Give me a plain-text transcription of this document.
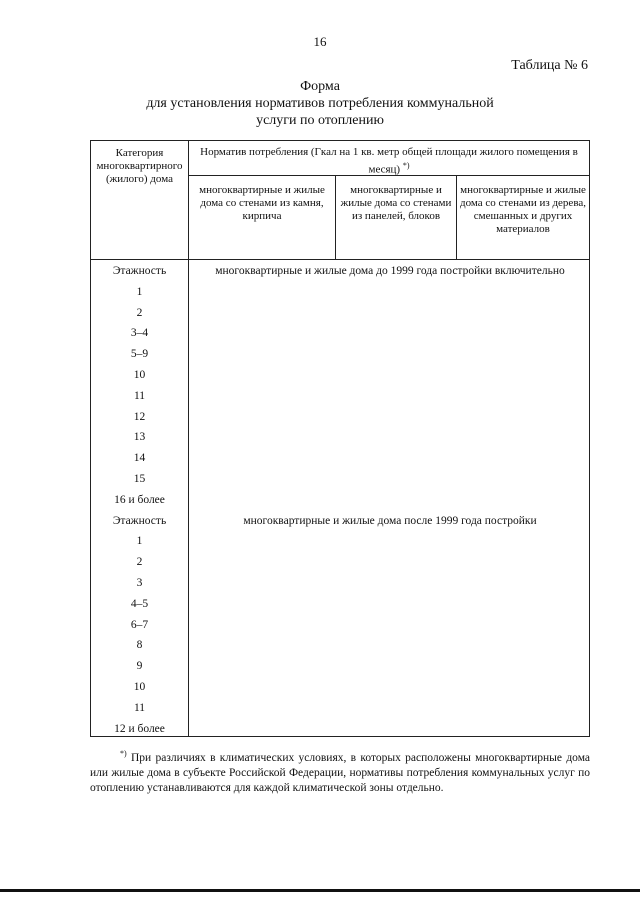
16
Таблица № 6
Форма
для установления нормативов потребления коммунальной
услуги по отоплению
Категория многоквартирного (жилого) дома
Норматив потребления (Гкал на 1 кв. метр общей площади жилого помещения в месяц) *)
многоквартирные и жилые дома со стенами из камня, кирпича
многоквартирные и жилые дома со стенами из панелей, блоков
многоквартирные и жилые дома со стенами из дерева, смешанных и других материалов
Этажность
1
2
3–4
5–9
10
11
12
13
14
15
16 и более
Этажность
1
2
3
4–5
6–7
8
9
10
11
12 и более
многоквартирные и жилые дома до 1999 года постройки включительно
многоквартирные и жилые дома после 1999 года постройки
*) При различиях в климатических условиях, в которых расположены многоквартирные дома или жилые дома в субъекте Российской Федерации, нормативы потребления коммунальных услуг по отоплению устанавливаются для каждой климатической зоны отдельно.
